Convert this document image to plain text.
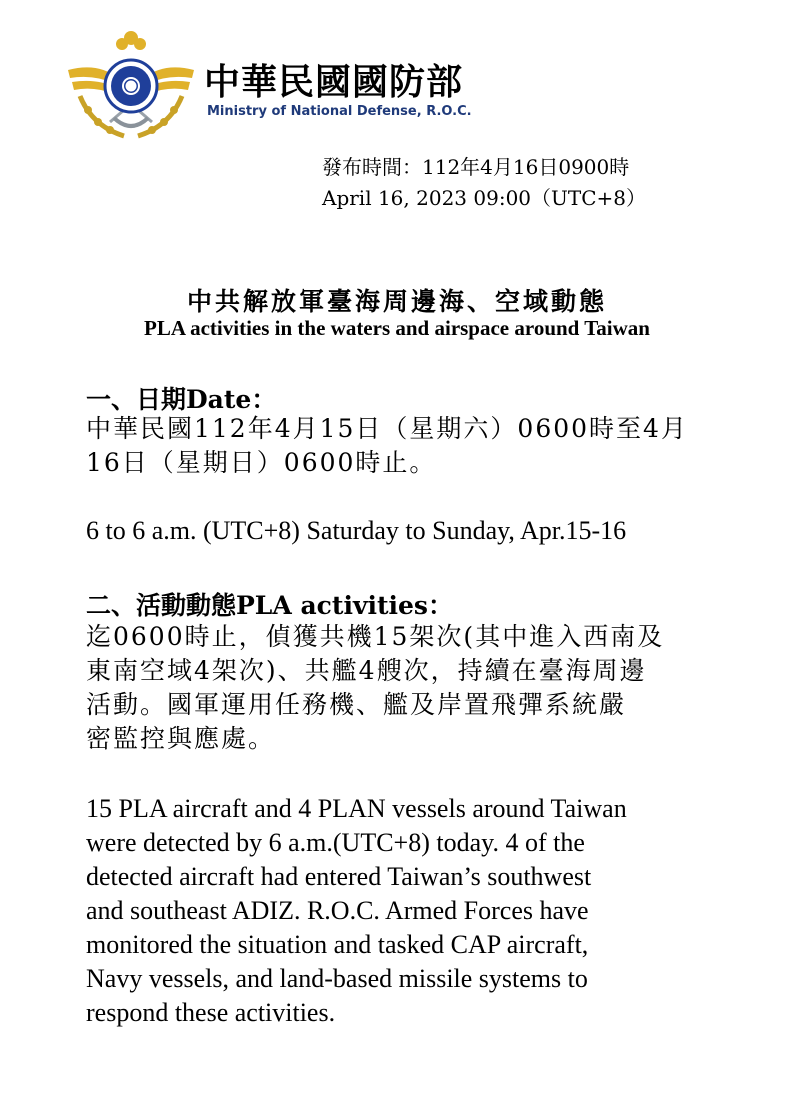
中華民國國防部
Ministry of National Defense, R.O.C.
發布時間：112年4月16日0900時
April 16, 2023 09:00（UTC+8）
中共解放軍臺海周邊海、空域動態
PLA activities in the waters and airspace around Taiwan
一、日期Date：
中華民國112年4月15日（星期六）0600時至4月
16日（星期日）0600時止。
6 to 6 a.m. (UTC+8) Saturday to Sunday, Apr.15-16
二、活動動態PLA activities：
迄0600時止，偵獲共機15架次(其中進入西南及
東南空域4架次)、共艦4艘次，持續在臺海周邊
活動。國軍運用任務機、艦及岸置飛彈系統嚴
密監控與應處。
15 PLA aircraft and 4 PLAN vessels around Taiwan
were detected by 6 a.m.(UTC+8) today. 4 of the
detected aircraft had entered Taiwan’s southwest
and southeast ADIZ. R.O.C. Armed Forces have
monitored the situation and tasked CAP aircraft,
Navy vessels, and land-based missile systems to
respond these activities.
